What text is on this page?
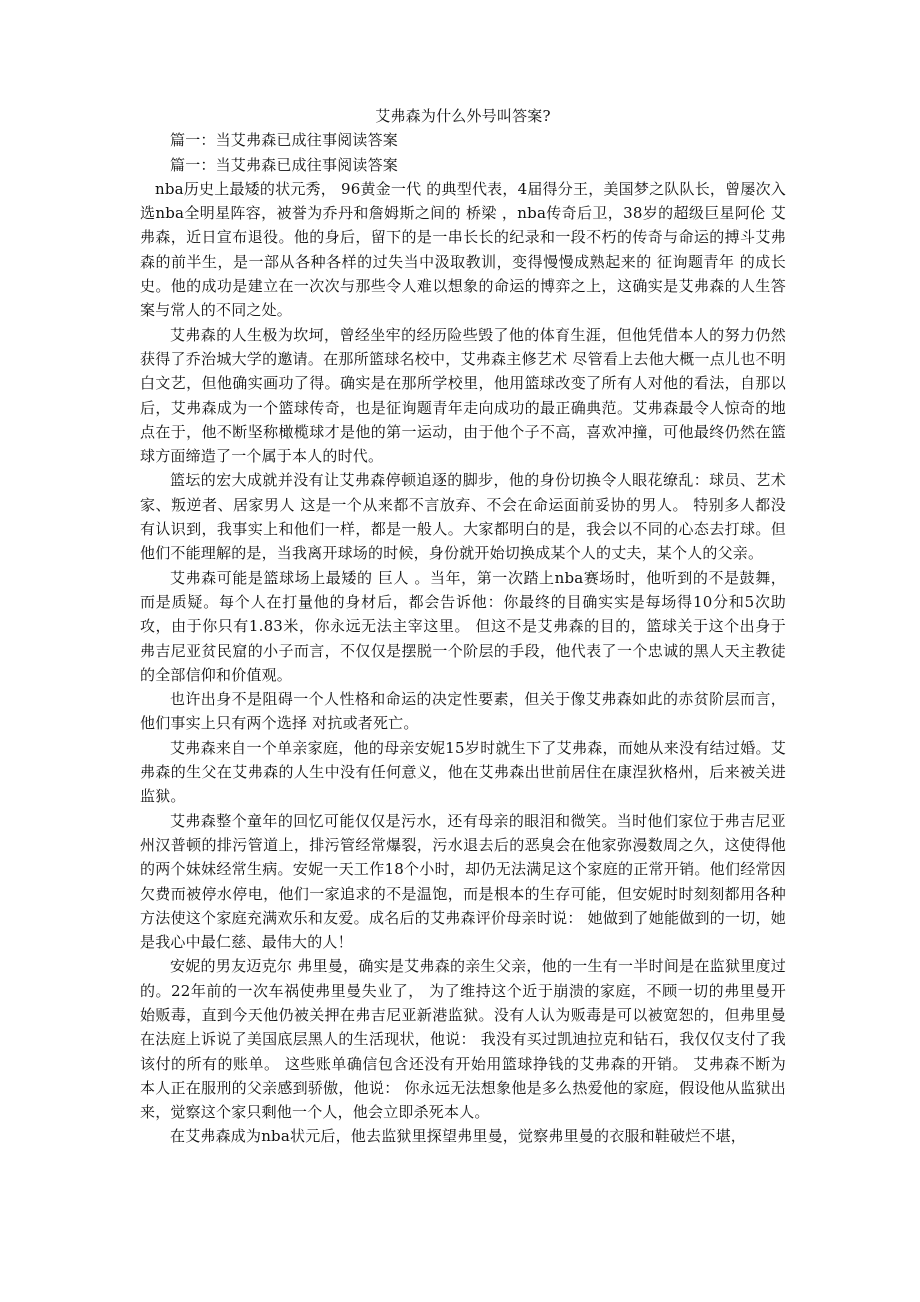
艾弗森为什么外号叫答案?

篇一：当艾弗森已成往事阅读答案

篇一：当艾弗森已成往事阅读答案

nba历史上最矮的状元秀， 96黄金一代 的典型代表，4届得分王，美国梦之队队长，曾屡次入选nba全明星阵容，被誉为乔丹和詹姆斯之间的 桥梁 ，nba传奇后卫，38岁的超级巨星阿伦 艾弗森，近日宣布退役。他的身后，留下的是一串长长的纪录和一段不朽的传奇与命运的搏斗艾弗森的前半生，是一部从各种各样的过失当中汲取教训，变得慢慢成熟起来的 征询题青年 的成长史。他的成功是建立在一次次与那些令人难以想象的命运的博弈之上，这确实是艾弗森的人生答案与常人的不同之处。

艾弗森的人生极为坎坷，曾经坐牢的经历险些毁了他的体育生涯，但他凭借本人的努力仍然获得了乔治城大学的邀请。在那所篮球名校中，艾弗森主修艺术 尽管看上去他大概一点儿也不明白文艺，但他确实画功了得。确实是在那所学校里，他用篮球改变了所有人对他的看法，自那以后，艾弗森成为一个篮球传奇，也是征询题青年走向成功的最正确典范。艾弗森最令人惊奇的地点在于，他不断坚称橄榄球才是他的第一运动，由于他个子不高，喜欢冲撞，可他最终仍然在篮球方面缔造了一个属于本人的时代。

篮坛的宏大成就并没有让艾弗森停顿追逐的脚步，他的身份切换令人眼花缭乱：球员、艺术家、叛逆者、居家男人 这是一个从来都不言放弃、不会在命运面前妥协的男人。 特别多人都没有认识到，我事实上和他们一样，都是一般人。大家都明白的是，我会以不同的心态去打球。但他们不能理解的是，当我离开球场的时候，身份就开始切换成某个人的丈夫，某个人的父亲。

艾弗森可能是篮球场上最矮的 巨人 。当年，第一次踏上nba赛场时，他听到的不是鼓舞，而是质疑。每个人在打量他的身材后，都会告诉他：你最终的目确实实是每场得10分和5次助攻，由于你只有1.83米，你永远无法主宰这里。 但这不是艾弗森的目的，篮球关于这个出身于弗吉尼亚贫民窟的小子而言，不仅仅是摆脱一个阶层的手段，他代表了一个忠诚的黑人天主教徒的全部信仰和价值观。

也许出身不是阻碍一个人性格和命运的决定性要素，但关于像艾弗森如此的赤贫阶层而言，他们事实上只有两个选择 对抗或者死亡。

艾弗森来自一个单亲家庭，他的母亲安妮15岁时就生下了艾弗森，而她从来没有结过婚。艾弗森的生父在艾弗森的人生中没有任何意义，他在艾弗森出世前居住在康涅狄格州，后来被关进监狱。

艾弗森整个童年的回忆可能仅仅是污水，还有母亲的眼泪和微笑。当时他们家位于弗吉尼亚州汉普顿的排污管道上，排污管经常爆裂，污水退去后的恶臭会在他家弥漫数周之久，这使得他的两个妹妹经常生病。安妮一天工作18个小时，却仍无法满足这个家庭的正常开销。他们经常因欠费而被停水停电，他们一家追求的不是温饱，而是根本的生存可能，但安妮时时刻刻都用各种方法使这个家庭充满欢乐和友爱。成名后的艾弗森评价母亲时说： 她做到了她能做到的一切，她是我心中最仁慈、最伟大的人！

安妮的男友迈克尔 弗里曼，确实是艾弗森的亲生父亲，他的一生有一半时间是在监狱里度过的。22年前的一次车祸使弗里曼失业了， 为了维持这个近于崩溃的家庭，不顾一切的弗里曼开始贩毒，直到今天他仍被关押在弗吉尼亚新港监狱。没有人认为贩毒是可以被宽恕的，但弗里曼在法庭上诉说了美国底层黑人的生活现状，他说： 我没有买过凯迪拉克和钻石，我仅仅支付了我该付的所有的账单。 这些账单确信包含还没有开始用篮球挣钱的艾弗森的开销。 艾弗森不断为本人正在服刑的父亲感到骄傲，他说： 你永远无法想象他是多么热爱他的家庭，假设他从监狱出来，觉察这个家只剩他一个人，他会立即杀死本人。

在艾弗森成为nba状元后，他去监狱里探望弗里曼，觉察弗里曼的衣服和鞋破烂不堪，
